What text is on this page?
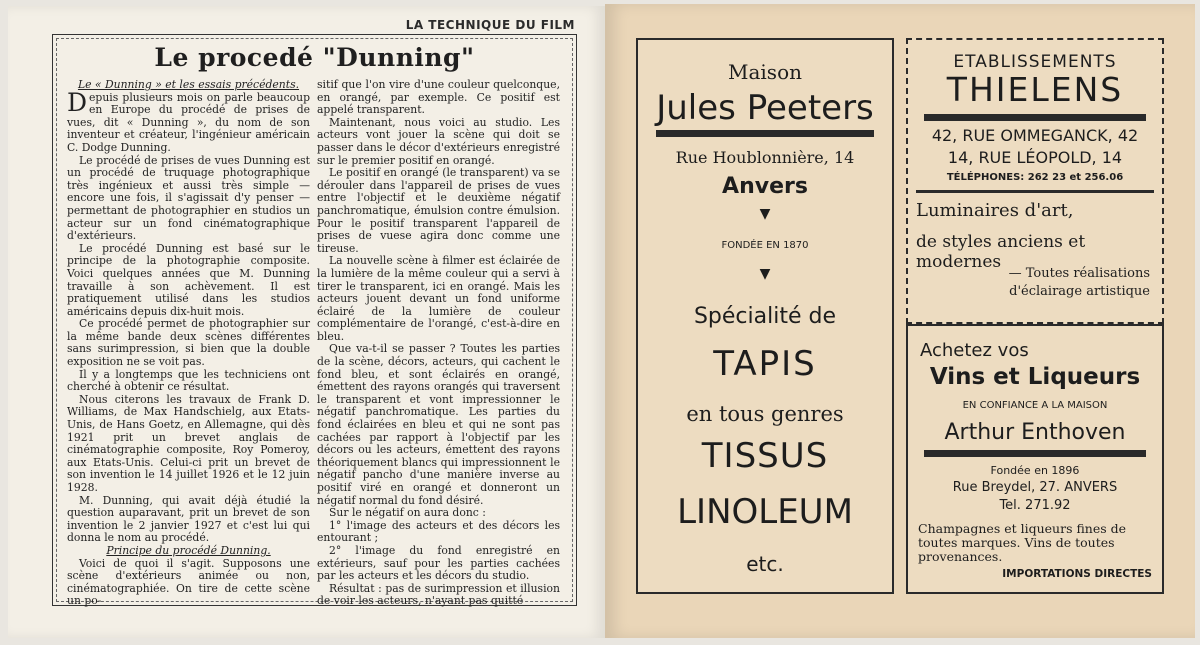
LA TECHNIQUE DU FILM
Le procedé "Dunning"

Le « Dunning » et les essais précédents.

Depuis plusieurs mois on parle beaucoup en Europe du procédé de prises de vues, dit « Dunning », du nom de son inventeur et créateur, l'ingénieur américain C. Dodge Dunning.

Le procédé de prises de vues Dunning est un procédé de truquage photographique très ingénieux et aussi très simple — encore une fois, il s'agissait d'y penser — permettant de photographier en studios un acteur sur un fond cinématographique d'extérieurs.

Le procédé Dunning est basé sur le principe de la photographie composite. Voici quelques années que M. Dunning travaille à son achèvement. Il est pratiquement utilisé dans les studios américains depuis dix-huit mois.

Ce procédé permet de photographier sur la même bande deux scènes différentes sans surimpression, si bien que la double exposition ne se voit pas.

Il y a longtemps que les techniciens ont cherché à obtenir ce résultat.

Nous citerons les travaux de Frank D. Williams, de Max Handschielg, aux Etats-Unis, de Hans Goetz, en Allemagne, qui dès 1921 prit un brevet anglais de cinématographie composite, Roy Pomeroy, aux Etats-Unis. Celui-ci prit un brevet de son invention le 14 juillet 1926 et le 12 juin 1928.

M. Dunning, qui avait déjà étudié la question auparavant, prit un brevet de son invention le 2 janvier 1927 et c'est lui qui donna le nom au procédé.

Principe du procédé Dunning.

Voici de quoi il s'agit. Supposons une scène d'extérieurs animée ou non, cinématographiée. On tire de cette scène un po-

sitif que l'on vire d'une couleur quelconque, en orangé, par exemple. Ce positif est appelé transparent.

Maintenant, nous voici au studio. Les acteurs vont jouer la scène qui doit se passer dans le décor d'extérieurs enregistré sur le premier positif en orangé.

Le positif en orangé (le transparent) va se dérouler dans l'appareil de prises de vues entre l'objectif et le deuxième négatif panchromatique, émulsion contre émulsion. Pour le positif transparent l'appareil de prises de vuese agira donc comme une tireuse.

La nouvelle scène à filmer est éclairée de la lumière de la même couleur qui a servi à tirer le transparent, ici en orangé. Mais les acteurs jouent devant un fond uniforme éclairé de la lumière de couleur complémentaire de l'orangé, c'est-à-dire en bleu.

Que va-t-il se passer ? Toutes les parties de la scène, décors, acteurs, qui cachent le fond bleu, et sont éclairés en orangé, émettent des rayons orangés qui traversent le transparent et vont impressionner le négatif panchromatique. Les parties du fond éclairées en bleu et qui ne sont pas cachées par rapport à l'objectif par les décors ou les acteurs, émettent des rayons théoriquement blancs qui impressionnent le négatif pancho d'une manière inverse au positif viré en orangé et donneront un négatif normal du fond désiré.

Sur le négatif on aura donc :

1° l'image des acteurs et des décors les entourant ;

2° l'image du fond enregistré en extérieurs, sauf pour les parties cachées par les acteurs et les décors du studio.

Résultat : pas de surimpression et illusion de voir les acteurs, n'ayant pas quitté

Maison
Jules Peeters
Rue Houblonnière, 14
Anvers
▼
FONDÉE EN 1870
▼
Spécialité de
TAPIS
en tous genres
TISSUS
LINOLEUM
etc.
ETABLISSEMENTS
THIELENS
42, RUE OMMEGANCK, 42
14, RUE LÉOPOLD, 14
TÉLÉPHONES: 262 23 et 256.06
Luminaires d'art,
de styles anciens et modernes
— Toutes réalisations
d'éclairage artistique
Achetez vos
Vins et Liqueurs
EN CONFIANCE A LA MAISON
Arthur Enthoven
Fondée en 1896
Rue Breydel, 27. ANVERS
Tel. 271.92
Champagnes et liqueurs fines de toutes marques. Vins de toutes provenances.
IMPORTATIONS DIRECTES
